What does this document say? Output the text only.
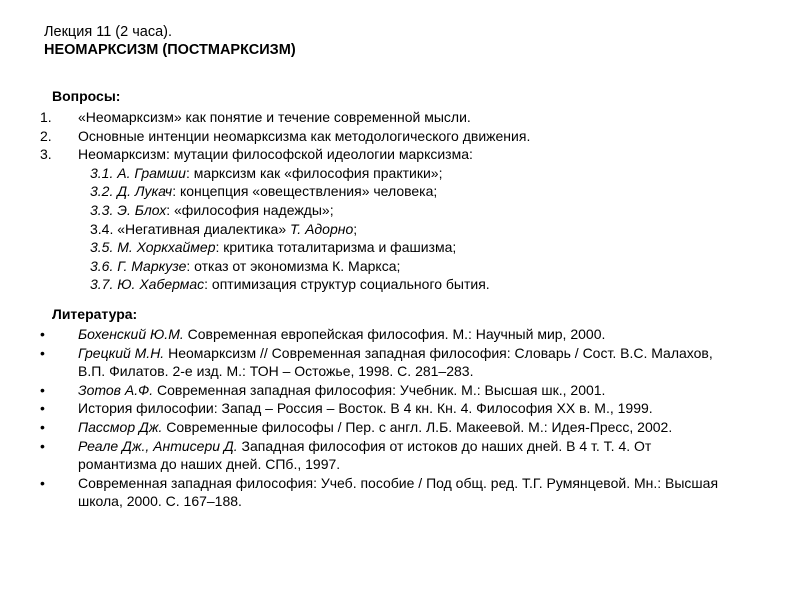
Лекция 11 (2 часа).
НЕОМАРКСИЗМ (ПОСТМАРКСИЗМ)
Вопросы:
1. «Неомарксизм» как понятие и течение современной мысли.
2. Основные интенции неомарксизма как методологического движения.
3. Неомарксизм: мутации философской идеологии марксизма:
3.1. А. Грамши: марксизм как «философия практики»;
3.2. Д. Лукач: концепция «овеществления» человека;
3.3. Э. Блох: «философия надежды»;
3.4. «Негативная диалектика» Т. Адорно;
3.5. М. Хоркхаймер: критика тоталитаризма и фашизма;
3.6. Г. Маркузе: отказ от экономизма К. Маркса;
3.7. Ю. Хабермас: оптимизация структур социального бытия.
Литература:
•
Бохенский Ю.М. Современная европейская философия. М.: Научный мир, 2000.
•
Грецкий М.Н. Неомарксизм // Современная западная философия: Словарь / Сост. В.С. Малахов, В.П. Филатов. 2-е изд. М.: ТОН – Остожье, 1998. С. 281–283.
•
Зотов А.Ф. Современная западная философия: Учебник. М.: Высшая шк., 2001.
•
История философии: Запад – Россия – Восток. В 4 кн. Кн. 4. Философия XX в. М., 1999.
•
Пассмор Дж. Современные философы / Пер. с англ. Л.Б. Макеевой. М.: Идея-Пресс, 2002.
•
Реале Дж., Антисери Д. Западная философия от истоков до наших дней. В 4 т. Т. 4. От романтизма до наших дней. СПб., 1997.
•
Современная западная философия: Учеб. пособие / Под общ. ред. Т.Г. Румянцевой. Мн.: Высшая школа, 2000. С. 167–188.
